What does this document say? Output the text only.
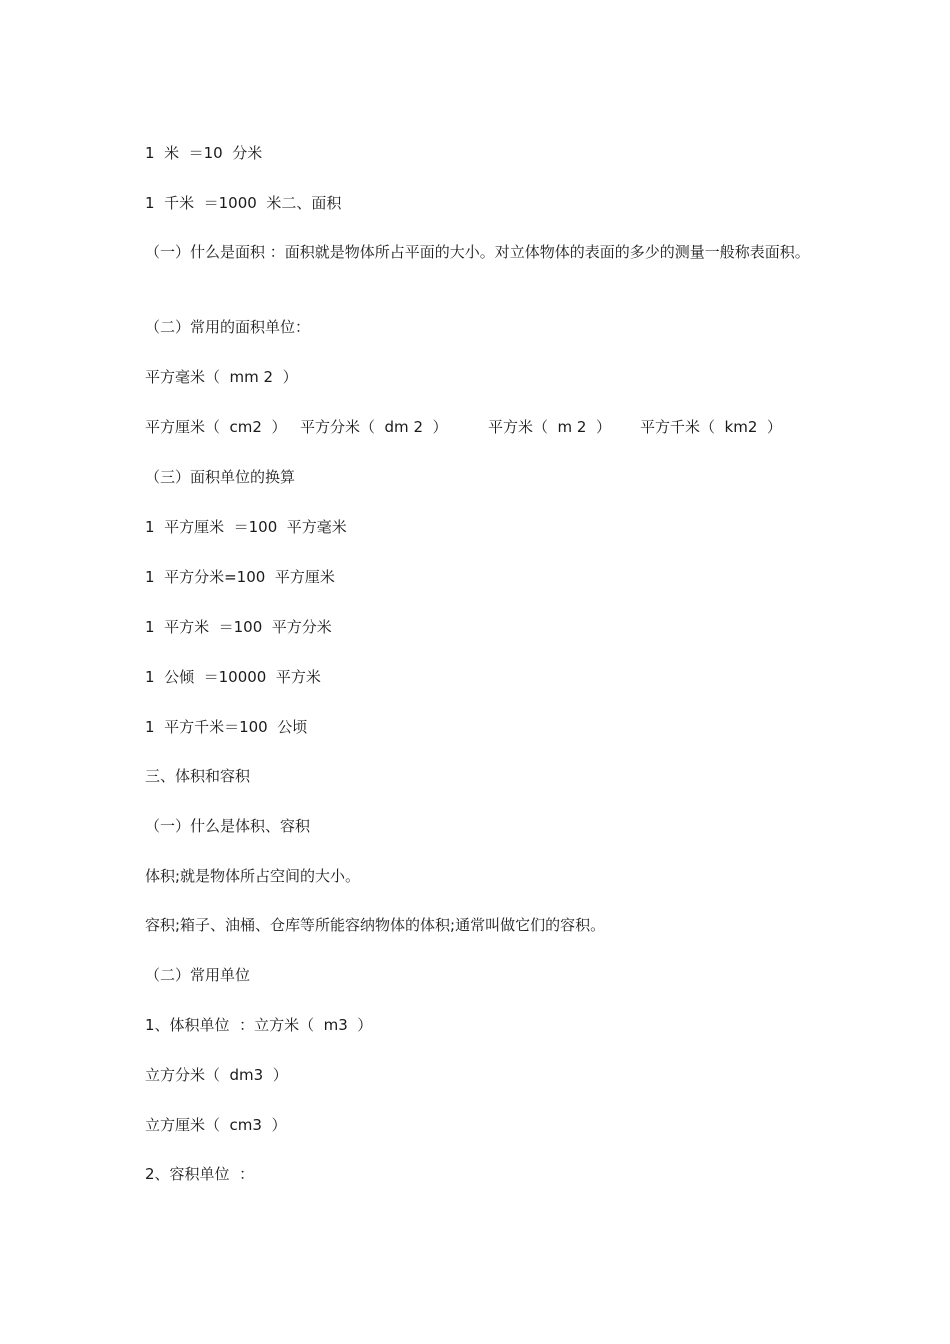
1  米  ＝10  分米

1  千米  ＝1000  米二、面积

（一）什么是面积 ：面积就是物体所占平面的大小。对立体物体的表面的多少的测量一般称表面积。

（二）常用的面积单位：

平方毫米（  mm 2  ）

平方厘米（  cm2  ） 平方分米（  dm 2  ）	平方米（  m 2  ） 平方千米（  km2  ）

（三）面积单位的换算

1  平方厘米  ＝100  平方毫米

1  平方分米=100  平方厘米

1  平方米  ＝100  平方分米

1  公倾  ＝10000  平方米

1  平方千米＝100  公顷

三、体积和容积

（一）什么是体积、容积

体积;就是物体所占空间的大小。

容积;箱子、油桶、仓库等所能容纳物体的体积;通常叫做它们的容积。

（二）常用单位

1、体积单位  ：立方米（  m3  ）

立方分米（  dm3  ）

立方厘米（  cm3  ）

2、容积单位  ：
